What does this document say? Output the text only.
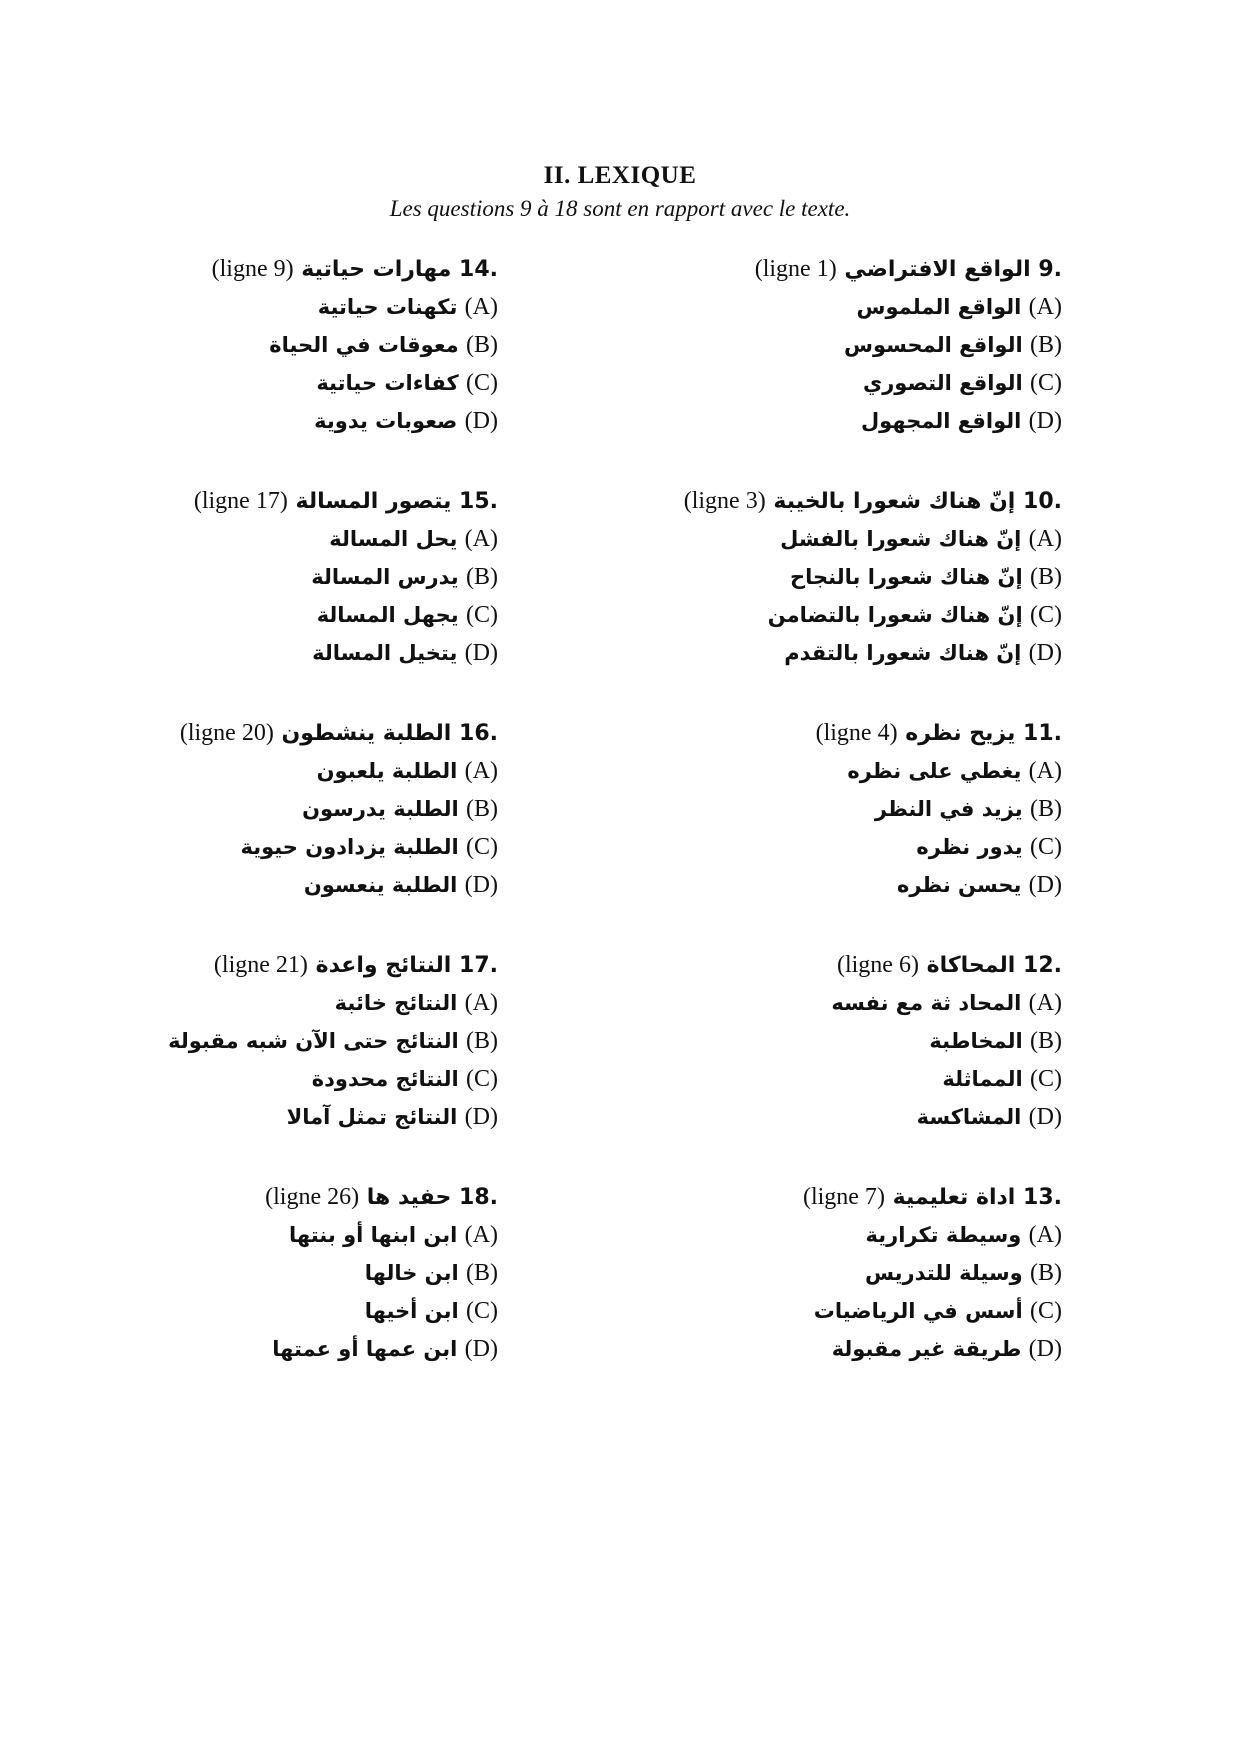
II. LEXIQUE
Les questions 9 à 18 sont en rapport avec le texte.
9. الواقع الافتراضي (ligne 1)
(A) الواقع الملموس
(B) الواقع المحسوس
(C) الواقع التصوري
(D) الواقع المجهول
10. إنّ هناك شعورا بالخيبة (ligne 3)
(A) إنّ هناك شعورا بالفشل
(B) إنّ هناك شعورا بالنجاح
(C) إنّ هناك شعورا بالتضامن
(D) إنّ هناك شعورا بالتقدم
11. يزيح نظره (ligne 4)
(A) يغطي على نظره
(B) يزيد في النظر
(C) يدور نظره
(D) يحسن نظره
12. المحاكاة (ligne 6)
(A) المحاد ثة مع نفسه
(B) المخاطبة
(C) المماثلة
(D) المشاكسة
13. اداة تعليمية (ligne 7)
(A) وسيطة تكرارية
(B) وسيلة للتدريس
(C) أسس في الرياضيات
(D) طريقة غير مقبولة
14. مهارات حياتية (ligne 9)
(A) تكهنات حياتية
(B) معوقات في الحياة
(C) كفاءات حياتية
(D) صعوبات يدوية
15. يتصور المسالة (ligne 17)
(A) يحل المسالة
(B) يدرس المسالة
(C) يجهل المسالة
(D) يتخيل المسالة
16. الطلبة ينشطون (ligne 20)
(A) الطلبة يلعبون
(B) الطلبة يدرسون
(C) الطلبة يزدادون حيوية
(D) الطلبة ينعسون
17. النتائج واعدة (ligne 21)
(A) النتائج خائبة
(B) النتائج حتى الآن شبه مقبولة
(C) النتائج محدودة
(D) النتائج تمثل آمالا
18. حفيد ها (ligne 26)
(A) ابن ابنها أو بنتها
(B) ابن خالها
(C) ابن أخيها
(D) ابن عمها أو عمتها
